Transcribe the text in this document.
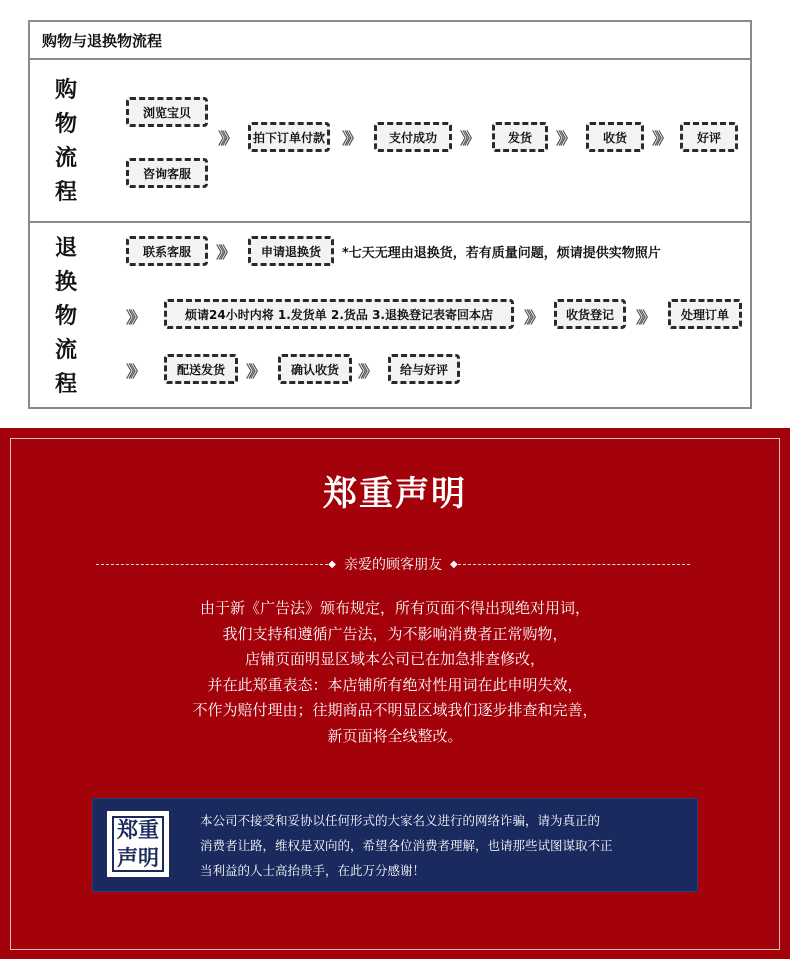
购物与退换物流程
购物流程
浏览宝贝
咨询客服
》》	拍下订单付款	》》	支付成功	》》	发货	》》	收货	》》	好评
退换物流程
联系客服	》》	申请退换货	*七天无理由退换货，若有质量问题，烦请提供实物照片
》》	烦请24小时内将 1.发货单 2.货品 3.退换登记表寄回本店	》》	收货登记	》》	处理订单
》》	配送发货	》》	确认收货	》》	给与好评
郑重声明
◆ 亲爱的顾客朋友 ◆
由于新《广告法》颁布规定，所有页面不得出现绝对用词，
我们支持和遵循广告法，为不影响消费者正常购物，
店铺页面明显区域本公司已在加急排查修改，
并在此郑重表态：本店铺所有绝对性用词在此申明失效，
不作为赔付理由；往期商品不明显区域我们逐步排查和完善，
新页面将全线整改。
郑重
声明
本公司不接受和妥协以任何形式的大家名义进行的网络诈骗，请为真正的
消费者让路，维权是双向的，希望各位消费者理解，也请那些试图谋取不正
当利益的人士高抬贵手，在此万分感谢！
